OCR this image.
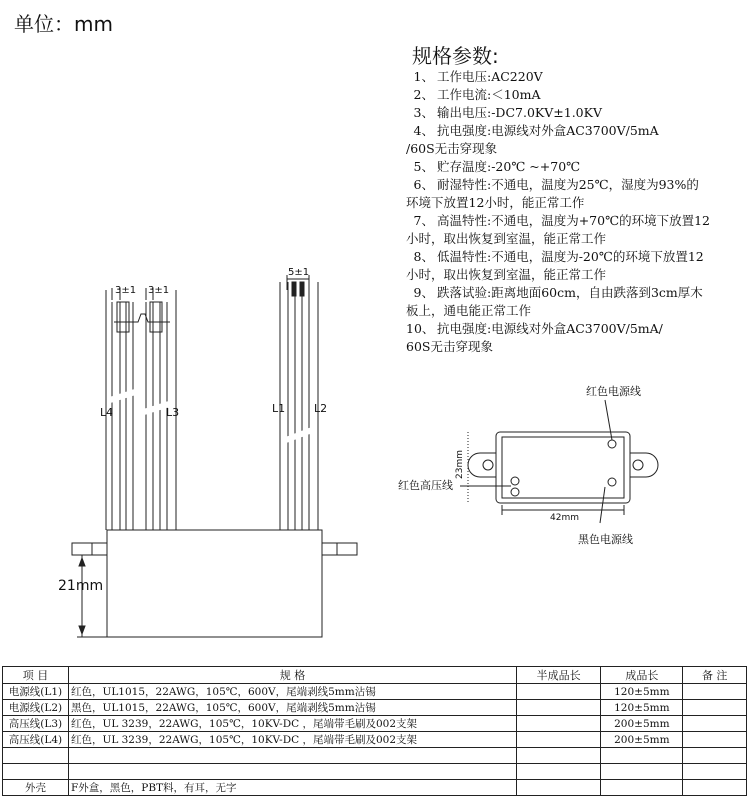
单位：mm
规格参数:
1、 工作电压:AC220V
2、 工作电流:＜10mA
3、 输出电压:-DC7.0KV±1.0KV
4、 抗电强度:电源线对外盒AC3700V/5mA
/60S无击穿现象
5、 贮存温度:-20℃ ~+70℃
6、 耐湿特性:不通电，温度为25℃，湿度为93%的
环境下放置12小时，能正常工作
7、 高温特性:不通电，温度为+70℃的环境下放置12
小时，取出恢复到室温，能正常工作
8、 低温特性:不通电，温度为-20℃的环境下放置12
小时，取出恢复到室温，能正常工作
9、 跌落试验:距离地面60cm，自由跌落到3cm厚木
板上，通电能正常工作
10、 抗电强度:电源线对外盒AC3700V/5mA/
60S无击穿现象
3±1 3±1
5±1
L4	L3	L1	L2
21mm
红色电源线
红色高压线
黑色电源线
42mm
23mm
项 目	规 格	半成品长	成品长	备 注
电源线(L1)	红色，UL1015，22AWG，105℃，600V，尾端剥线5mm沾锡		120±5mm	
电源线(L2)	黑色，UL1015，22AWG，105℃，600V，尾端剥线5mm沾锡		120±5mm	
高压线(L3)	红色，UL 3239，22AWG，105℃，10KV-DC ，尾端带毛刷及002支架		200±5mm	
高压线(L4)	红色，UL 3239，22AWG，105℃，10KV-DC ，尾端带毛刷及002支架		200±5mm	

外壳	F外盒，黑色，PBT料，有耳，无字			
